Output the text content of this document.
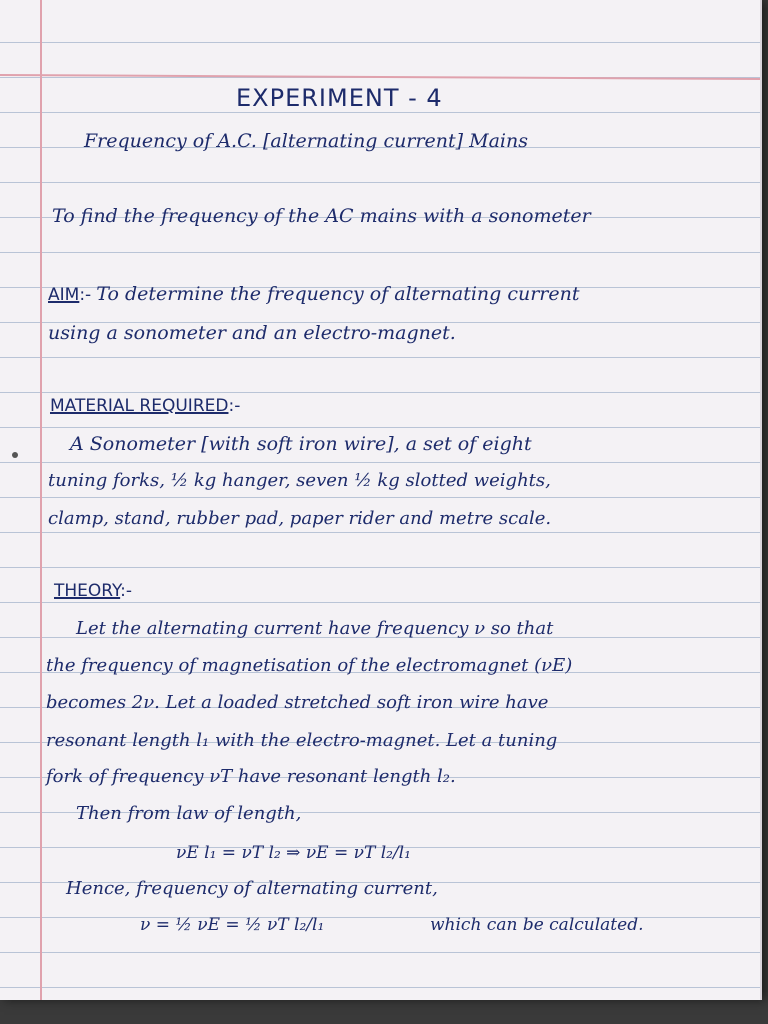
EXPERIMENT - 4
Frequency of A.C. [alternating current] Mains
To find the frequency of the AC mains with a sonometer
AIM:- To determine the frequency of alternating current
using a sonometer and an electro-magnet.
MATERIAL REQUIRED:-
A Sonometer [with soft iron wire], a set of eight
tuning forks, ½ kg hanger, seven ½ kg slotted weights,
clamp, stand, rubber pad, paper rider and metre scale.
THEORY:-
Let the alternating current have frequency ν so that
the frequency of magnetisation of the electromagnet (νE)
becomes 2ν. Let a loaded stretched soft iron wire have
resonant length l₁ with the electro-magnet. Let a tuning
fork of frequency νT have resonant length l₂.
Then from law of length,
νE l₁ = νT l₂ ⇒ νE = νT l₂/l₁
Hence, frequency of alternating current,
ν = ½ νE = ½ νT l₂/l₁	which can be calculated.
